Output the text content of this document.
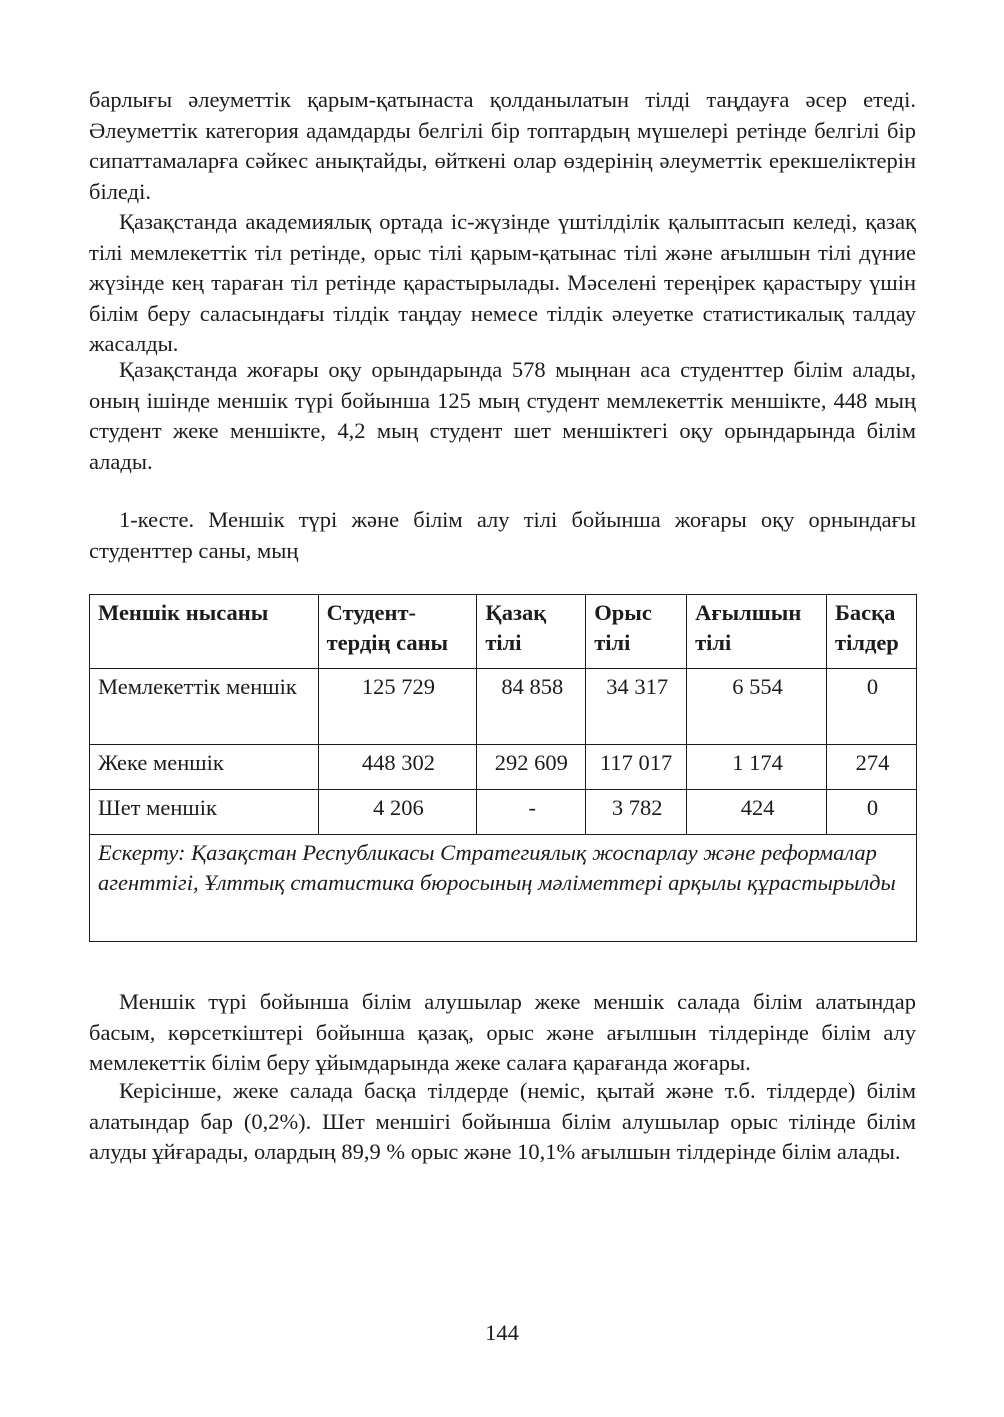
барлығы әлеуметтік қарым-қатынаста қолданылатын тілді таңдауға әсер етеді. Әлеуметтік категория адамдарды белгілі бір топтардың мүшелері ретінде белгілі бір сипаттамаларға сәйкес анықтайды, өйткені олар өздерінің әлеуметтік ерекшеліктерін біледі.

Қазақстанда академиялық ортада іс-жүзінде үштілділік қалыптасып келеді, қазақ тілі мемлекеттік тіл ретінде, орыс тілі қарым-қатынас тілі және ағылшын тілі дүние жүзінде кең тараған тіл ретінде қарастырылады. Мәселені тереңірек қарастыру үшін білім беру саласындағы тілдік таңдау немесе тілдік әлеуетке статистикалық талдау жасалды.

Қазақстанда жоғары оқу орындарында 578 мыңнан аса студенттер білім алады, оның ішінде меншік түрі бойынша 125 мың студент мемлекеттік меншікте, 448 мың студент жеке меншікте, 4,2 мың студент шет меншіктегі оқу орындарында білім алады.

1-кесте. Меншік түрі және білім алу тілі бойынша жоғары оқу орнындағы студенттер саны, мың

Меншік нысаны	Студенттердің саны	Қазақ тілі	Орыс тілі	Ағылшын тілі	Басқа тілдер
Мемлекеттік меншік	125 729	84 858	34 317	6 554	0
Жеке меншік	448 302	292 609	117 017	1 174	274
Шет меншік	4 206	-	3 782	424	0
Ескерту: Қазақстан Республикасы Стратегиялық жоспарлау және реформалар агенттігі, Ұлттық статистика бюросының мәліметтері арқылы құрастырылды					

Меншік түрі бойынша білім алушылар жеке меншік салада білім алатындар басым, көрсеткіштері бойынша қазақ, орыс және ағылшын тілдерінде білім алу мемлекеттік білім беру ұйымдарында жеке салаға қарағанда жоғары.

Керісінше, жеке салада басқа тілдерде (неміс, қытай және т.б. тілдерде) білім алатындар бар (0,2%). Шет меншігі бойынша білім алушылар орыс тілінде білім алуды ұйғарады, олардың 89,9 % орыс және 10,1% ағылшын тілдерінде білім алады.

144
